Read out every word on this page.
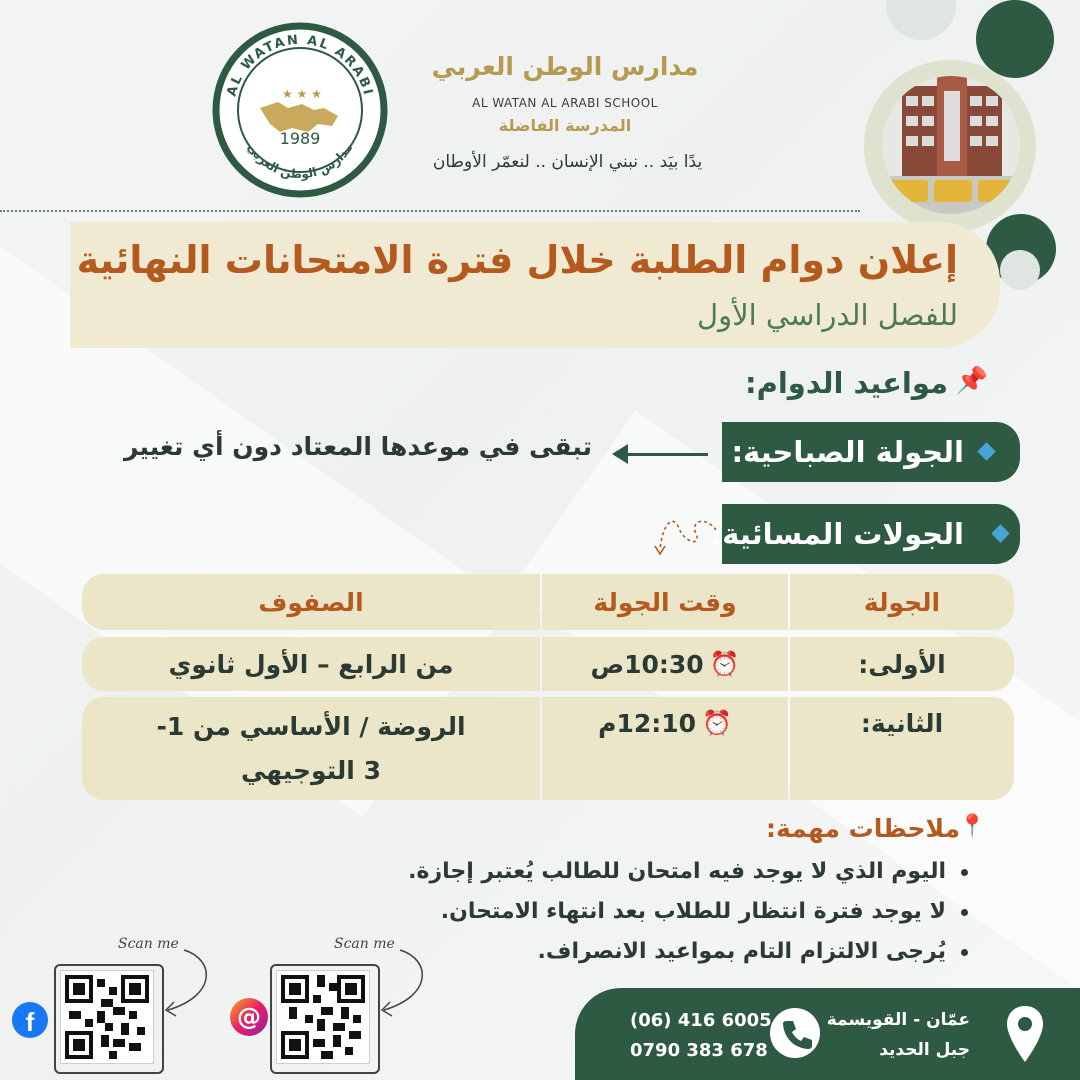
AL WATAN AL ARABI
مدارس الوطن العربي
★ ★ ★
1989
مدارس الوطن العربي
AL WATAN AL ARABI SCHOOL
المدرسة الفاضلة
يدًا بيَد .. نبني الإنسان .. لنعمّر الأوطان
إعلان دوام الطلبة خلال فترة الامتحانات النهائية
للفصل الدراسي الأول
📌
مواعيد الدوام:
الجولة الصباحية:
تبقى في موعدها المعتاد دون أي تغيير
الجولات المسائية:
الجولة
وقت الجولة
الصفوف
الأولى:
⏰
10:30ص
من الرابع – الأول ثانوي
الثانية:
⏰
12:10م
الروضة / الأساسي من 1-3 التوجيهي
📍
ملاحظات مهمة:
اليوم الذي لا يوجد فيه امتحان للطالب يُعتبر إجازة.
لا يوجد فترة انتظار للطلاب بعد انتهاء الامتحان.
يُرجى الالتزام التام بمواعيد الانصراف.
f
Scan me
@
Scan me
(06) 416 6005
0790 383 678
عمّان - القويسمة
جبل الحديد
